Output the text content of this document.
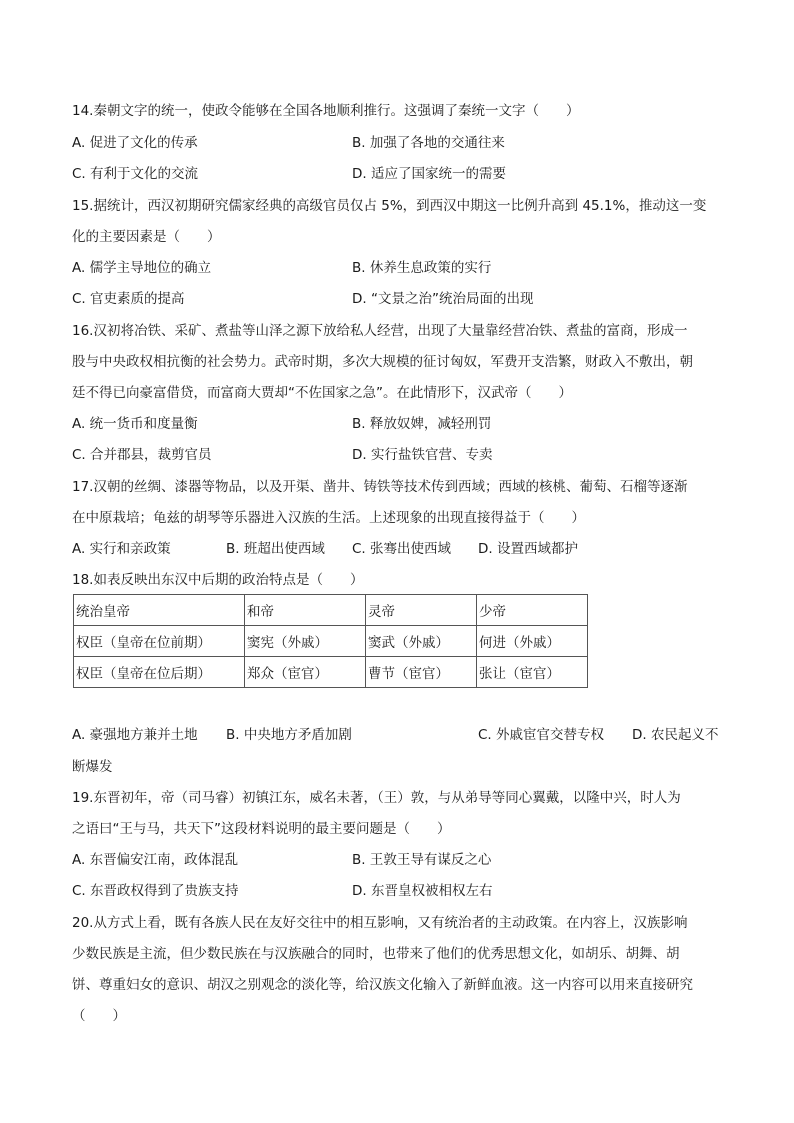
14.秦朝文字的统一，使政令能够在全国各地顺利推行。这强调了秦统一文字（　　）
A. 促进了文化的传承	B. 加强了各地的交通往来
C. 有利于文化的交流	D. 适应了国家统一的需要
15.据统计，西汉初期研究儒家经典的高级官员仅占 5%，到西汉中期这一比例升高到 45.1%，推动这一变
化的主要因素是（　　）
A. 儒学主导地位的确立	B. 休养生息政策的实行
C. 官吏素质的提高	D. “文景之治”统治局面的出现
16.汉初将冶铁、采矿、煮盐等山泽之源下放给私人经营，出现了大量靠经营冶铁、煮盐的富商，形成一
股与中央政权相抗衡的社会势力。武帝时期，多次大规模的征讨匈奴，军费开支浩繁，财政入不敷出，朝
廷不得已向豪富借贷，而富商大贾却“不佐国家之急”。在此情形下，汉武帝（　　）
A. 统一货币和度量衡	B. 释放奴婢，减轻刑罚
C. 合并郡县，裁剪官员	D. 实行盐铁官营、专卖
17.汉朝的丝绸、漆器等物品，以及开渠、凿井、铸铁等技术传到西域；西域的核桃、葡萄、石榴等逐渐
在中原栽培；龟兹的胡琴等乐器进入汉族的生活。上述现象的出现直接得益于（　　）
A. 实行和亲政策	B. 班超出使西域 C. 张骞出使西域 D. 设置西域都护
18.如表反映出东汉中后期的政治特点是（　　）
统治皇帝	和帝	灵帝	少帝
权臣（皇帝在位前期）	窦宪（外戚）	窦武（外戚）	何进（外戚）
权臣（皇帝在位后期）	郑众（宦官）	曹节（宦官）	张让（宦官）
A. 豪强地方兼并土地 B. 中央地方矛盾加剧	C. 外戚宦官交替专权 D. 农民起义不
断爆发
19.东晋初年，帝（司马睿）初镇江东，威名未著，（王）敦，与从弟导等同心翼戴，以隆中兴，时人为
之语曰“王与马，共天下”这段材料说明的最主要问题是（　　）
A. 东晋偏安江南，政体混乱	B. 王敦王导有谋反之心
C. 东晋政权得到了贵族支持	D. 东晋皇权被相权左右
20.从方式上看，既有各族人民在友好交往中的相互影响，又有统治者的主动政策。在内容上，汉族影响
少数民族是主流，但少数民族在与汉族融合的同时，也带来了他们的优秀思想文化，如胡乐、胡舞、胡
饼、尊重妇女的意识、胡汉之别观念的淡化等，给汉族文化输入了新鲜血液。这一内容可以用来直接研究
（　　）
